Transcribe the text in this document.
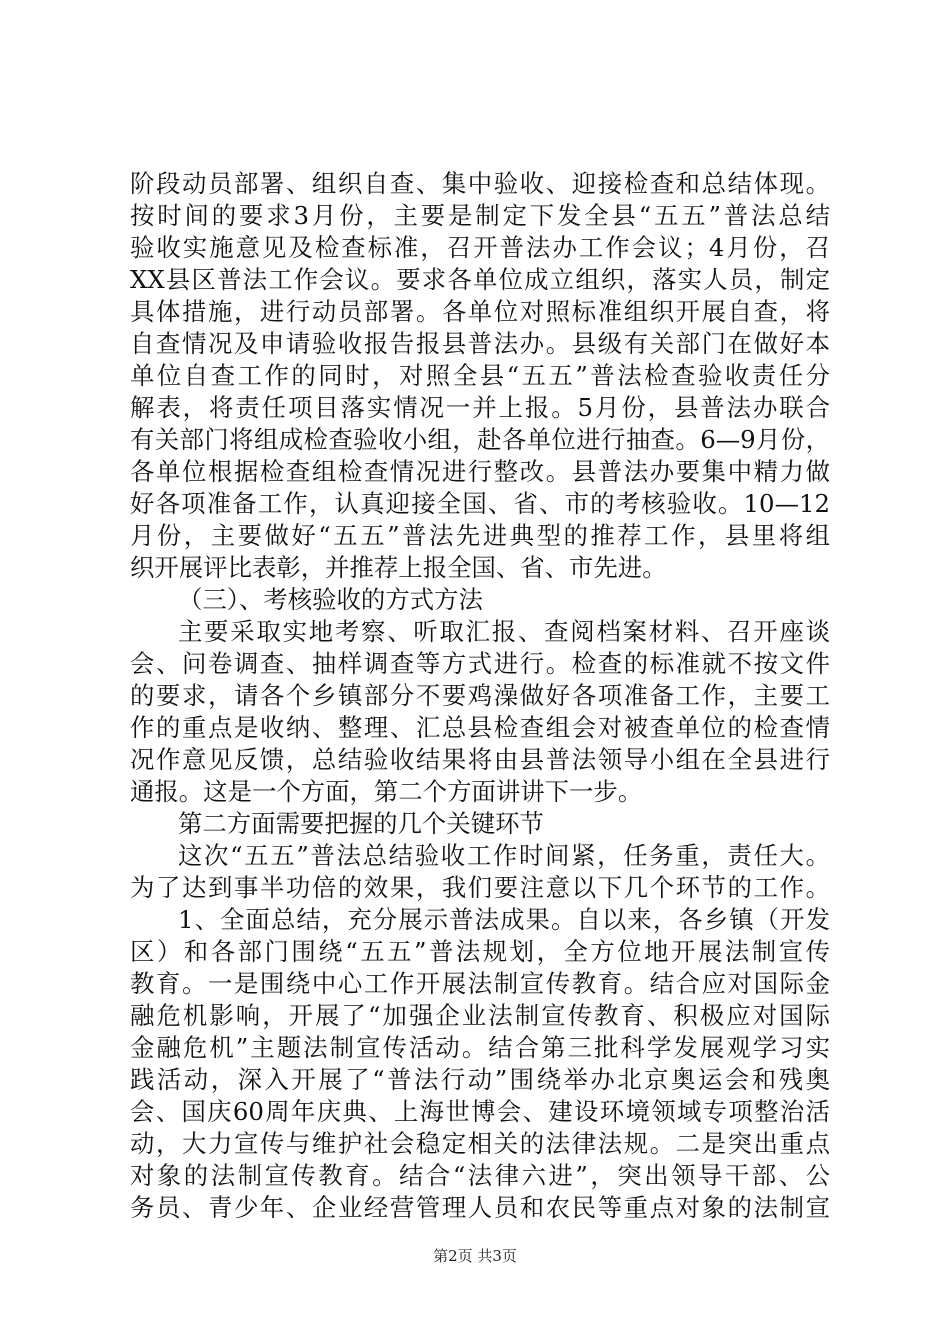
阶段动员部署、组织自查、集中验收、迎接检查和总结体现。
按时间的要求3月份，主要是制定下发全县“五五”普法总结
验收实施意见及检查标准，召开普法办工作会议；4月份，召
XX县区普法工作会议。要求各单位成立组织，落实人员，制定
具体措施，进行动员部署。各单位对照标准组织开展自查，将
自查情况及申请验收报告报县普法办。县级有关部门在做好本
单位自查工作的同时，对照全县“五五”普法检查验收责任分
解表，将责任项目落实情况一并上报。5月份，县普法办联合
有关部门将组成检查验收小组，赴各单位进行抽查。6—9月份，
各单位根据检查组检查情况进行整改。县普法办要集中精力做
好各项准备工作，认真迎接全国、省、市的考核验收。10—12
月份，主要做好“五五”普法先进典型的推荐工作，县里将组
织开展评比表彰，并推荐上报全国、省、市先进。
（三）、考核验收的方式方法
主要采取实地考察、听取汇报、查阅档案材料、召开座谈
会、问卷调查、抽样调查等方式进行。检查的标准就不按文件
的要求，请各个乡镇部分不要鸡澡做好各项准备工作，主要工
作的重点是收纳、整理、汇总县检查组会对被查单位的检查情
况作意见反馈，总结验收结果将由县普法领导小组在全县进行
通报。这是一个方面，第二个方面讲讲下一步。
第二方面需要把握的几个关键环节
这次“五五”普法总结验收工作时间紧，任务重，责任大。
为了达到事半功倍的效果，我们要注意以下几个环节的工作。
1、全面总结，充分展示普法成果。自以来，各乡镇（开发
区）和各部门围绕“五五”普法规划，全方位地开展法制宣传
教育。一是围绕中心工作开展法制宣传教育。结合应对国际金
融危机影响，开展了“加强企业法制宣传教育、积极应对国际
金融危机”主题法制宣传活动。结合第三批科学发展观学习实
践活动，深入开展了“普法行动”围绕举办北京奥运会和残奥
会、国庆60周年庆典、上海世博会、建设环境领域专项整治活
动，大力宣传与维护社会稳定相关的法律法规。二是突出重点
对象的法制宣传教育。结合“法律六进”，突出领导干部、公
务员、青少年、企业经营管理人员和农民等重点对象的法制宣
第2页 共3页
